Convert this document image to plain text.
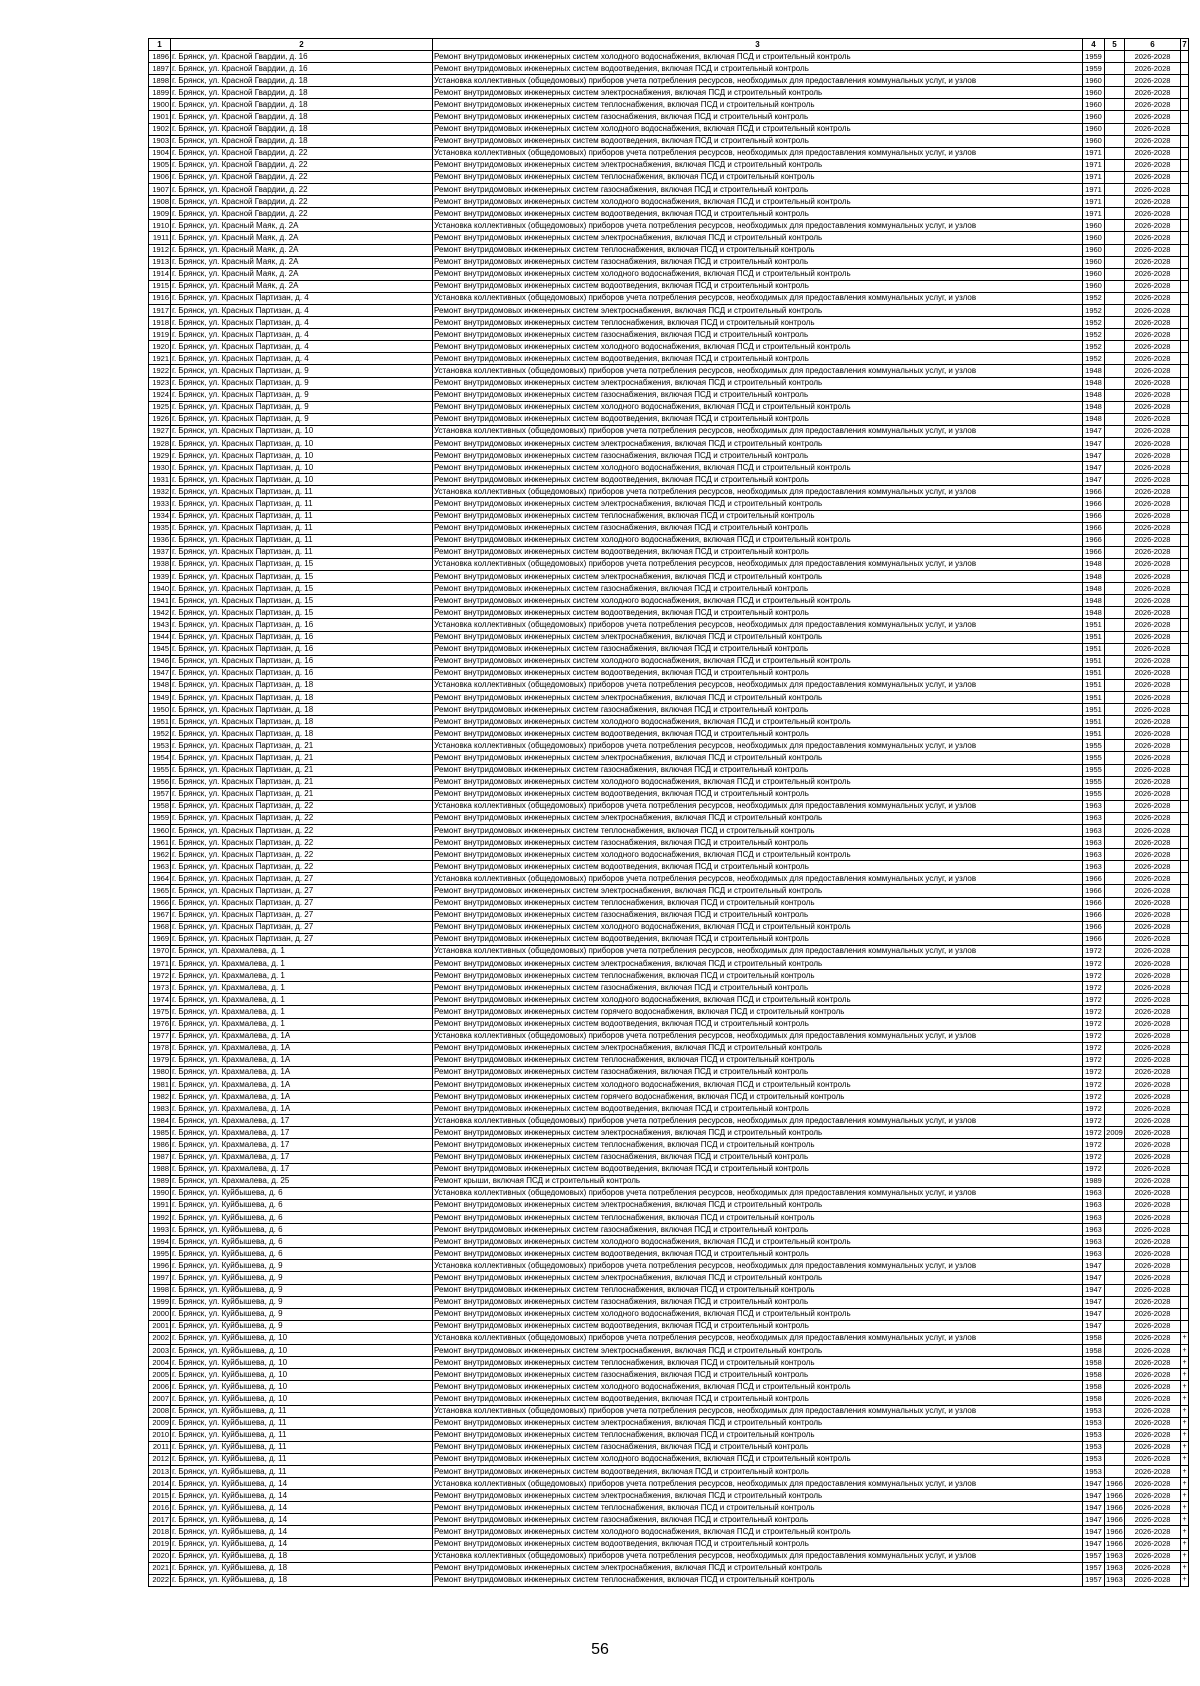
1	2	3	4	5	6	7
1896	г. Брянск, ул. Красной Гвардии, д. 16	Ремонт внутридомовых инженерных систем холодного водоснабжения, включая ПСД и строительный контроль	1959		2026-2028	
1897	г. Брянск, ул. Красной Гвардии, д. 16	Ремонт внутридомовых инженерных систем водоотведения, включая ПСД и строительный контроль	1959		2026-2028	
1898	г. Брянск, ул. Красной Гвардии, д. 18	Установка коллективных (общедомовых) приборов учета потребления ресурсов, необходимых для предоставления коммунальных услуг, и узлов	1960		2026-2028	
1899	г. Брянск, ул. Красной Гвардии, д. 18	Ремонт внутридомовых инженерных систем электроснабжения, включая ПСД и строительный контроль	1960		2026-2028	
1900	г. Брянск, ул. Красной Гвардии, д. 18	Ремонт внутридомовых инженерных систем теплоснабжения, включая ПСД и строительный контроль	1960		2026-2028	
1901	г. Брянск, ул. Красной Гвардии, д. 18	Ремонт внутридомовых инженерных систем газоснабжения, включая ПСД и строительный контроль	1960		2026-2028	
1902	г. Брянск, ул. Красной Гвардии, д. 18	Ремонт внутридомовых инженерных систем холодного водоснабжения, включая ПСД и строительный контроль	1960		2026-2028	
1903	г. Брянск, ул. Красной Гвардии, д. 18	Ремонт внутридомовых инженерных систем водоотведения, включая ПСД и строительный контроль	1960		2026-2028	
1904	г. Брянск, ул. Красной Гвардии, д. 22	Установка коллективных (общедомовых) приборов учета потребления ресурсов, необходимых для предоставления коммунальных услуг, и узлов	1971		2026-2028	
1905	г. Брянск, ул. Красной Гвардии, д. 22	Ремонт внутридомовых инженерных систем электроснабжения, включая ПСД и строительный контроль	1971		2026-2028	
1906	г. Брянск, ул. Красной Гвардии, д. 22	Ремонт внутридомовых инженерных систем теплоснабжения, включая ПСД и строительный контроль	1971		2026-2028	
1907	г. Брянск, ул. Красной Гвардии, д. 22	Ремонт внутридомовых инженерных систем газоснабжения, включая ПСД и строительный контроль	1971		2026-2028	
1908	г. Брянск, ул. Красной Гвардии, д. 22	Ремонт внутридомовых инженерных систем холодного водоснабжения, включая ПСД и строительный контроль	1971		2026-2028	
1909	г. Брянск, ул. Красной Гвардии, д. 22	Ремонт внутридомовых инженерных систем водоотведения, включая ПСД и строительный контроль	1971		2026-2028	
1910	г. Брянск, ул. Красный Маяк, д. 2А	Установка коллективных (общедомовых) приборов учета потребления ресурсов, необходимых для предоставления коммунальных услуг, и узлов	1960		2026-2028	
1911	г. Брянск, ул. Красный Маяк, д. 2А	Ремонт внутридомовых инженерных систем электроснабжения, включая ПСД и строительный контроль	1960		2026-2028	
1912	г. Брянск, ул. Красный Маяк, д. 2А	Ремонт внутридомовых инженерных систем теплоснабжения, включая ПСД и строительный контроль	1960		2026-2028	
1913	г. Брянск, ул. Красный Маяк, д. 2А	Ремонт внутридомовых инженерных систем газоснабжения, включая ПСД и строительный контроль	1960		2026-2028	
1914	г. Брянск, ул. Красный Маяк, д. 2А	Ремонт внутридомовых инженерных систем холодного водоснабжения, включая ПСД и строительный контроль	1960		2026-2028	
1915	г. Брянск, ул. Красный Маяк, д. 2А	Ремонт внутридомовых инженерных систем водоотведения, включая ПСД и строительный контроль	1960		2026-2028	
1916	г. Брянск, ул. Красных Партизан, д. 4	Установка коллективных (общедомовых) приборов учета потребления ресурсов, необходимых для предоставления коммунальных услуг, и узлов	1952		2026-2028	
1917	г. Брянск, ул. Красных Партизан, д. 4	Ремонт внутридомовых инженерных систем электроснабжения, включая ПСД и строительный контроль	1952		2026-2028	
1918	г. Брянск, ул. Красных Партизан, д. 4	Ремонт внутридомовых инженерных систем теплоснабжения, включая ПСД и строительный контроль	1952		2026-2028	
1919	г. Брянск, ул. Красных Партизан, д. 4	Ремонт внутридомовых инженерных систем газоснабжения, включая ПСД и строительный контроль	1952		2026-2028	
1920	г. Брянск, ул. Красных Партизан, д. 4	Ремонт внутридомовых инженерных систем холодного водоснабжения, включая ПСД и строительный контроль	1952		2026-2028	
1921	г. Брянск, ул. Красных Партизан, д. 4	Ремонт внутридомовых инженерных систем водоотведения, включая ПСД и строительный контроль	1952		2026-2028	
1922	г. Брянск, ул. Красных Партизан, д. 9	Установка коллективных (общедомовых) приборов учета потребления ресурсов, необходимых для предоставления коммунальных услуг, и узлов	1948		2026-2028	
1923	г. Брянск, ул. Красных Партизан, д. 9	Ремонт внутридомовых инженерных систем электроснабжения, включая ПСД и строительный контроль	1948		2026-2028	
1924	г. Брянск, ул. Красных Партизан, д. 9	Ремонт внутридомовых инженерных систем газоснабжения, включая ПСД и строительный контроль	1948		2026-2028	
1925	г. Брянск, ул. Красных Партизан, д. 9	Ремонт внутридомовых инженерных систем холодного водоснабжения, включая ПСД и строительный контроль	1948		2026-2028	
1926	г. Брянск, ул. Красных Партизан, д. 9	Ремонт внутридомовых инженерных систем водоотведения, включая ПСД и строительный контроль	1948		2026-2028	
1927	г. Брянск, ул. Красных Партизан, д. 10	Установка коллективных (общедомовых) приборов учета потребления ресурсов, необходимых для предоставления коммунальных услуг, и узлов	1947		2026-2028	
1928	г. Брянск, ул. Красных Партизан, д. 10	Ремонт внутридомовых инженерных систем электроснабжения, включая ПСД и строительный контроль	1947		2026-2028	
1929	г. Брянск, ул. Красных Партизан, д. 10	Ремонт внутридомовых инженерных систем газоснабжения, включая ПСД и строительный контроль	1947		2026-2028	
1930	г. Брянск, ул. Красных Партизан, д. 10	Ремонт внутридомовых инженерных систем холодного водоснабжения, включая ПСД и строительный контроль	1947		2026-2028	
1931	г. Брянск, ул. Красных Партизан, д. 10	Ремонт внутридомовых инженерных систем водоотведения, включая ПСД и строительный контроль	1947		2026-2028	
1932	г. Брянск, ул. Красных Партизан, д. 11	Установка коллективных (общедомовых) приборов учета потребления ресурсов, необходимых для предоставления коммунальных услуг, и узлов	1966		2026-2028	
1933	г. Брянск, ул. Красных Партизан, д. 11	Ремонт внутридомовых инженерных систем электроснабжения, включая ПСД и строительный контроль	1966		2026-2028	
1934	г. Брянск, ул. Красных Партизан, д. 11	Ремонт внутридомовых инженерных систем теплоснабжения, включая ПСД и строительный контроль	1966		2026-2028	
1935	г. Брянск, ул. Красных Партизан, д. 11	Ремонт внутридомовых инженерных систем газоснабжения, включая ПСД и строительный контроль	1966		2026-2028	
1936	г. Брянск, ул. Красных Партизан, д. 11	Ремонт внутридомовых инженерных систем холодного водоснабжения, включая ПСД и строительный контроль	1966		2026-2028	
1937	г. Брянск, ул. Красных Партизан, д. 11	Ремонт внутридомовых инженерных систем водоотведения, включая ПСД и строительный контроль	1966		2026-2028	
1938	г. Брянск, ул. Красных Партизан, д. 15	Установка коллективных (общедомовых) приборов учета потребления ресурсов, необходимых для предоставления коммунальных услуг, и узлов	1948		2026-2028	
1939	г. Брянск, ул. Красных Партизан, д. 15	Ремонт внутридомовых инженерных систем электроснабжения, включая ПСД и строительный контроль	1948		2026-2028	
1940	г. Брянск, ул. Красных Партизан, д. 15	Ремонт внутридомовых инженерных систем газоснабжения, включая ПСД и строительный контроль	1948		2026-2028	
1941	г. Брянск, ул. Красных Партизан, д. 15	Ремонт внутридомовых инженерных систем холодного водоснабжения, включая ПСД и строительный контроль	1948		2026-2028	
1942	г. Брянск, ул. Красных Партизан, д. 15	Ремонт внутридомовых инженерных систем водоотведения, включая ПСД и строительный контроль	1948		2026-2028	
1943	г. Брянск, ул. Красных Партизан, д. 16	Установка коллективных (общедомовых) приборов учета потребления ресурсов, необходимых для предоставления коммунальных услуг, и узлов	1951		2026-2028	
1944	г. Брянск, ул. Красных Партизан, д. 16	Ремонт внутридомовых инженерных систем электроснабжения, включая ПСД и строительный контроль	1951		2026-2028	
1945	г. Брянск, ул. Красных Партизан, д. 16	Ремонт внутридомовых инженерных систем газоснабжения, включая ПСД и строительный контроль	1951		2026-2028	
1946	г. Брянск, ул. Красных Партизан, д. 16	Ремонт внутридомовых инженерных систем холодного водоснабжения, включая ПСД и строительный контроль	1951		2026-2028	
1947	г. Брянск, ул. Красных Партизан, д. 16	Ремонт внутридомовых инженерных систем водоотведения, включая ПСД и строительный контроль	1951		2026-2028	
1948	г. Брянск, ул. Красных Партизан, д. 18	Установка коллективных (общедомовых) приборов учета потребления ресурсов, необходимых для предоставления коммунальных услуг, и узлов	1951		2026-2028	
1949	г. Брянск, ул. Красных Партизан, д. 18	Ремонт внутридомовых инженерных систем электроснабжения, включая ПСД и строительный контроль	1951		2026-2028	
1950	г. Брянск, ул. Красных Партизан, д. 18	Ремонт внутридомовых инженерных систем газоснабжения, включая ПСД и строительный контроль	1951		2026-2028	
1951	г. Брянск, ул. Красных Партизан, д. 18	Ремонт внутридомовых инженерных систем холодного водоснабжения, включая ПСД и строительный контроль	1951		2026-2028	
1952	г. Брянск, ул. Красных Партизан, д. 18	Ремонт внутридомовых инженерных систем водоотведения, включая ПСД и строительный контроль	1951		2026-2028	
1953	г. Брянск, ул. Красных Партизан, д. 21	Установка коллективных (общедомовых) приборов учета потребления ресурсов, необходимых для предоставления коммунальных услуг, и узлов	1955		2026-2028	
1954	г. Брянск, ул. Красных Партизан, д. 21	Ремонт внутридомовых инженерных систем электроснабжения, включая ПСД и строительный контроль	1955		2026-2028	
1955	г. Брянск, ул. Красных Партизан, д. 21	Ремонт внутридомовых инженерных систем газоснабжения, включая ПСД и строительный контроль	1955		2026-2028	
1956	г. Брянск, ул. Красных Партизан, д. 21	Ремонт внутридомовых инженерных систем холодного водоснабжения, включая ПСД и строительный контроль	1955		2026-2028	
1957	г. Брянск, ул. Красных Партизан, д. 21	Ремонт внутридомовых инженерных систем водоотведения, включая ПСД и строительный контроль	1955		2026-2028	
1958	г. Брянск, ул. Красных Партизан, д. 22	Установка коллективных (общедомовых) приборов учета потребления ресурсов, необходимых для предоставления коммунальных услуг, и узлов	1963		2026-2028	
1959	г. Брянск, ул. Красных Партизан, д. 22	Ремонт внутридомовых инженерных систем электроснабжения, включая ПСД и строительный контроль	1963		2026-2028	
1960	г. Брянск, ул. Красных Партизан, д. 22	Ремонт внутридомовых инженерных систем теплоснабжения, включая ПСД и строительный контроль	1963		2026-2028	
1961	г. Брянск, ул. Красных Партизан, д. 22	Ремонт внутридомовых инженерных систем газоснабжения, включая ПСД и строительный контроль	1963		2026-2028	
1962	г. Брянск, ул. Красных Партизан, д. 22	Ремонт внутридомовых инженерных систем холодного водоснабжения, включая ПСД и строительный контроль	1963		2026-2028	
1963	г. Брянск, ул. Красных Партизан, д. 22	Ремонт внутридомовых инженерных систем водоотведения, включая ПСД и строительный контроль	1963		2026-2028	
1964	г. Брянск, ул. Красных Партизан, д. 27	Установка коллективных (общедомовых) приборов учета потребления ресурсов, необходимых для предоставления коммунальных услуг, и узлов	1966		2026-2028	
1965	г. Брянск, ул. Красных Партизан, д. 27	Ремонт внутридомовых инженерных систем электроснабжения, включая ПСД и строительный контроль	1966		2026-2028	
1966	г. Брянск, ул. Красных Партизан, д. 27	Ремонт внутридомовых инженерных систем теплоснабжения, включая ПСД и строительный контроль	1966		2026-2028	
1967	г. Брянск, ул. Красных Партизан, д. 27	Ремонт внутридомовых инженерных систем газоснабжения, включая ПСД и строительный контроль	1966		2026-2028	
1968	г. Брянск, ул. Красных Партизан, д. 27	Ремонт внутридомовых инженерных систем холодного водоснабжения, включая ПСД и строительный контроль	1966		2026-2028	
1969	г. Брянск, ул. Красных Партизан, д. 27	Ремонт внутридомовых инженерных систем водоотведения, включая ПСД и строительный контроль	1966		2026-2028	
1970	г. Брянск, ул. Крахмалева, д. 1	Установка коллективных (общедомовых) приборов учета потребления ресурсов, необходимых для предоставления коммунальных услуг, и узлов	1972		2026-2028	
1971	г. Брянск, ул. Крахмалева, д. 1	Ремонт внутридомовых инженерных систем электроснабжения, включая ПСД и строительный контроль	1972		2026-2028	
1972	г. Брянск, ул. Крахмалева, д. 1	Ремонт внутридомовых инженерных систем теплоснабжения, включая ПСД и строительный контроль	1972		2026-2028	
1973	г. Брянск, ул. Крахмалева, д. 1	Ремонт внутридомовых инженерных систем газоснабжения, включая ПСД и строительный контроль	1972		2026-2028	
1974	г. Брянск, ул. Крахмалева, д. 1	Ремонт внутридомовых инженерных систем холодного водоснабжения, включая ПСД и строительный контроль	1972		2026-2028	
1975	г. Брянск, ул. Крахмалева, д. 1	Ремонт внутридомовых инженерных систем горячего водоснабжения, включая ПСД и строительный контроль	1972		2026-2028	
1976	г. Брянск, ул. Крахмалева, д. 1	Ремонт внутридомовых инженерных систем водоотведения, включая ПСД и строительный контроль	1972		2026-2028	
1977	г. Брянск, ул. Крахмалева, д. 1А	Установка коллективных (общедомовых) приборов учета потребления ресурсов, необходимых для предоставления коммунальных услуг, и узлов	1972		2026-2028	
1978	г. Брянск, ул. Крахмалева, д. 1А	Ремонт внутридомовых инженерных систем электроснабжения, включая ПСД и строительный контроль	1972		2026-2028	
1979	г. Брянск, ул. Крахмалева, д. 1А	Ремонт внутридомовых инженерных систем теплоснабжения, включая ПСД и строительный контроль	1972		2026-2028	
1980	г. Брянск, ул. Крахмалева, д. 1А	Ремонт внутридомовых инженерных систем газоснабжения, включая ПСД и строительный контроль	1972		2026-2028	
1981	г. Брянск, ул. Крахмалева, д. 1А	Ремонт внутридомовых инженерных систем холодного водоснабжения, включая ПСД и строительный контроль	1972		2026-2028	
1982	г. Брянск, ул. Крахмалева, д. 1А	Ремонт внутридомовых инженерных систем горячего водоснабжения, включая ПСД и строительный контроль	1972		2026-2028	
1983	г. Брянск, ул. Крахмалева, д. 1А	Ремонт внутридомовых инженерных систем водоотведения, включая ПСД и строительный контроль	1972		2026-2028	
1984	г. Брянск, ул. Крахмалева, д. 17	Установка коллективных (общедомовых) приборов учета потребления ресурсов, необходимых для предоставления коммунальных услуг, и узлов	1972		2026-2028	
1985	г. Брянск, ул. Крахмалева, д. 17	Ремонт внутридомовых инженерных систем электроснабжения, включая ПСД и строительный контроль	1972	2009	2026-2028	
1986	г. Брянск, ул. Крахмалева, д. 17	Ремонт внутридомовых инженерных систем теплоснабжения, включая ПСД и строительный контроль	1972		2026-2028	
1987	г. Брянск, ул. Крахмалева, д. 17	Ремонт внутридомовых инженерных систем газоснабжения, включая ПСД и строительный контроль	1972		2026-2028	
1988	г. Брянск, ул. Крахмалева, д. 17	Ремонт внутридомовых инженерных систем водоотведения, включая ПСД и строительный контроль	1972		2026-2028	
1989	г. Брянск, ул. Крахмалева, д. 25	Ремонт крыши, включая ПСД и строительный контроль	1989		2026-2028	
1990	г. Брянск, ул. Куйбышева, д. 6	Установка коллективных (общедомовых) приборов учета потребления ресурсов, необходимых для предоставления коммунальных услуг, и узлов	1963		2026-2028	
1991	г. Брянск, ул. Куйбышева, д. 6	Ремонт внутридомовых инженерных систем электроснабжения, включая ПСД и строительный контроль	1963		2026-2028	
1992	г. Брянск, ул. Куйбышева, д. 6	Ремонт внутридомовых инженерных систем теплоснабжения, включая ПСД и строительный контроль	1963		2026-2028	
1993	г. Брянск, ул. Куйбышева, д. 6	Ремонт внутридомовых инженерных систем газоснабжения, включая ПСД и строительный контроль	1963		2026-2028	
1994	г. Брянск, ул. Куйбышева, д. 6	Ремонт внутридомовых инженерных систем холодного водоснабжения, включая ПСД и строительный контроль	1963		2026-2028	
1995	г. Брянск, ул. Куйбышева, д. 6	Ремонт внутридомовых инженерных систем водоотведения, включая ПСД и строительный контроль	1963		2026-2028	
1996	г. Брянск, ул. Куйбышева, д. 9	Установка коллективных (общедомовых) приборов учета потребления ресурсов, необходимых для предоставления коммунальных услуг, и узлов	1947		2026-2028	
1997	г. Брянск, ул. Куйбышева, д. 9	Ремонт внутридомовых инженерных систем электроснабжения, включая ПСД и строительный контроль	1947		2026-2028	
1998	г. Брянск, ул. Куйбышева, д. 9	Ремонт внутридомовых инженерных систем теплоснабжения, включая ПСД и строительный контроль	1947		2026-2028	
1999	г. Брянск, ул. Куйбышева, д. 9	Ремонт внутридомовых инженерных систем газоснабжения, включая ПСД и строительный контроль	1947		2026-2028	
2000	г. Брянск, ул. Куйбышева, д. 9	Ремонт внутридомовых инженерных систем холодного водоснабжения, включая ПСД и строительный контроль	1947		2026-2028	
2001	г. Брянск, ул. Куйбышева, д. 9	Ремонт внутридомовых инженерных систем водоотведения, включая ПСД и строительный контроль	1947		2026-2028	
2002	г. Брянск, ул. Куйбышева, д. 10	Установка коллективных (общедомовых) приборов учета потребления ресурсов, необходимых для предоставления коммунальных услуг, и узлов	1958		2026-2028	+
2003	г. Брянск, ул. Куйбышева, д. 10	Ремонт внутридомовых инженерных систем электроснабжения, включая ПСД и строительный контроль	1958		2026-2028	+
2004	г. Брянск, ул. Куйбышева, д. 10	Ремонт внутридомовых инженерных систем теплоснабжения, включая ПСД и строительный контроль	1958		2026-2028	+
2005	г. Брянск, ул. Куйбышева, д. 10	Ремонт внутридомовых инженерных систем газоснабжения, включая ПСД и строительный контроль	1958		2026-2028	+
2006	г. Брянск, ул. Куйбышева, д. 10	Ремонт внутридомовых инженерных систем холодного водоснабжения, включая ПСД и строительный контроль	1958		2026-2028	+
2007	г. Брянск, ул. Куйбышева, д. 10	Ремонт внутридомовых инженерных систем водоотведения, включая ПСД и строительный контроль	1958		2026-2028	+
2008	г. Брянск, ул. Куйбышева, д. 11	Установка коллективных (общедомовых) приборов учета потребления ресурсов, необходимых для предоставления коммунальных услуг, и узлов	1953		2026-2028	+
2009	г. Брянск, ул. Куйбышева, д. 11	Ремонт внутридомовых инженерных систем электроснабжения, включая ПСД и строительный контроль	1953		2026-2028	+
2010	г. Брянск, ул. Куйбышева, д. 11	Ремонт внутридомовых инженерных систем теплоснабжения, включая ПСД и строительный контроль	1953		2026-2028	+
2011	г. Брянск, ул. Куйбышева, д. 11	Ремонт внутридомовых инженерных систем газоснабжения, включая ПСД и строительный контроль	1953		2026-2028	+
2012	г. Брянск, ул. Куйбышева, д. 11	Ремонт внутридомовых инженерных систем холодного водоснабжения, включая ПСД и строительный контроль	1953		2026-2028	+
2013	г. Брянск, ул. Куйбышева, д. 11	Ремонт внутридомовых инженерных систем водоотведения, включая ПСД и строительный контроль	1953		2026-2028	+
2014	г. Брянск, ул. Куйбышева, д. 14	Установка коллективных (общедомовых) приборов учета потребления ресурсов, необходимых для предоставления коммунальных услуг, и узлов	1947	1966	2026-2028	+
2015	г. Брянск, ул. Куйбышева, д. 14	Ремонт внутридомовых инженерных систем электроснабжения, включая ПСД и строительный контроль	1947	1966	2026-2028	+
2016	г. Брянск, ул. Куйбышева, д. 14	Ремонт внутридомовых инженерных систем теплоснабжения, включая ПСД и строительный контроль	1947	1966	2026-2028	+
2017	г. Брянск, ул. Куйбышева, д. 14	Ремонт внутридомовых инженерных систем газоснабжения, включая ПСД и строительный контроль	1947	1966	2026-2028	+
2018	г. Брянск, ул. Куйбышева, д. 14	Ремонт внутридомовых инженерных систем холодного водоснабжения, включая ПСД и строительный контроль	1947	1966	2026-2028	+
2019	г. Брянск, ул. Куйбышева, д. 14	Ремонт внутридомовых инженерных систем водоотведения, включая ПСД и строительный контроль	1947	1966	2026-2028	+
2020	г. Брянск, ул. Куйбышева, д. 18	Установка коллективных (общедомовых) приборов учета потребления ресурсов, необходимых для предоставления коммунальных услуг, и узлов	1957	1963	2026-2028	+
2021	г. Брянск, ул. Куйбышева, д. 18	Ремонт внутридомовых инженерных систем электроснабжения, включая ПСД и строительный контроль	1957	1963	2026-2028	+
2022	г. Брянск, ул. Куйбышева, д. 18	Ремонт внутридомовых инженерных систем теплоснабжения, включая ПСД и строительный контроль	1957	1963	2026-2028	+
56
